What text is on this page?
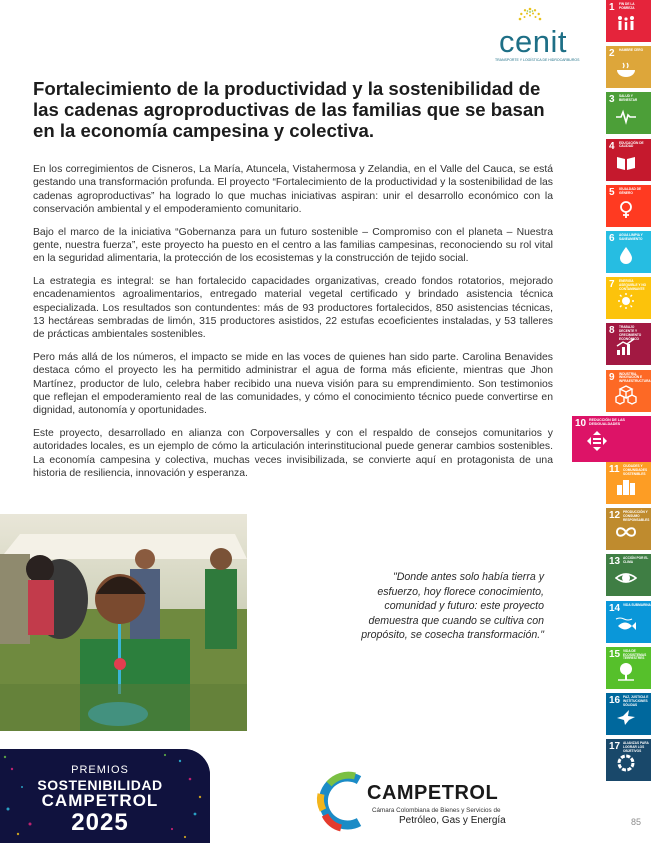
cenit
TRANSPORTE Y LOGÍSTICA DE HIDROCARBUROS
Fortalecimiento de la productividad y la sostenibilidad de las cadenas agroproductivas de las familias que se basan en la economía campesina y colectiva.

En los corregimientos de Cisneros, La María, Atuncela, Vistahermosa y Zelandia, en el Valle del Cauca, se está gestando una transformación profunda. El proyecto “Fortalecimiento de la productividad y la sostenibilidad de las cadenas agroproductivas” ha logrado lo que muchas iniciativas aspiran: unir el desarrollo económico con la conservación ambiental y el empoderamiento comunitario.

Bajo el marco de la iniciativa “Gobernanza para un futuro sostenible – Compromiso con el planeta – Nuestra gente, nuestra fuerza”, este proyecto ha puesto en el centro a las familias campesinas, reconociendo su rol vital en la seguridad alimentaria, la protección de los ecosistemas y la construcción de tejido social.

La estrategia es integral: se han fortalecido capacidades organizativas, creado fondos rotatorios, mejorado encadenamientos agroalimentarios, entregado material vegetal certificado y brindado asistencia técnica especializada. Los resultados son contundentes: más de 93 productores fortalecidos, 850 asistencias técnicas, 13 hectáreas sembradas de limón, 315 productores asistidos, 22 estufas ecoeficientes instaladas, y 53 talleres de prácticas ambientales sostenibles.

Pero más allá de los números, el impacto se mide en las voces de quienes han sido parte. Carolina Benavides destaca cómo el proyecto les ha permitido administrar el agua de forma más eficiente, mientras que Jhon Martínez, productor de lulo, celebra haber recibido una nueva visión para su emprendimiento. Son testimonios que reflejan el empoderamiento real de las comunidades, y cómo el conocimiento técnico puede convertirse en dignidad, autonomía y oportunidades.

Este proyecto, desarrollado en alianza con Corpoversalles y con el respaldo de consejos comunitarios y autoridades locales, es un ejemplo de cómo la articulación interinstitucional puede generar cambios sostenibles. La economía campesina y colectiva, muchas veces invisibilizada, se convierte aquí en protagonista de una historia de resiliencia, innovación y esperanza.

"Donde antes solo había tierra y esfuerzo, hoy florece conocimiento, comunidad y futuro: este proyecto demuestra que cuando se cultiva con propósito, se cosecha transformación."
PREMIOS
SOSTENIBILIDAD
CAMPETROL
2025
CAMPETROL
Cámara Colombiana de Bienes y Servicios de
Petróleo, Gas y Energía	85
1 FIN DE LA POBREZA
2 HAMBRE CERO
3 SALUD Y BIENESTAR
4 EDUCACIÓN DE CALIDAD
5 IGUALDAD DE GÉNERO
6 AGUA LIMPIA Y SANEAMIENTO
7 ENERGÍA ASEQUIBLE Y NO CONTAMINANTE
8 TRABAJO DECENTE Y CRECIMIENTO ECONÓMICO
9 INDUSTRIA, INNOVACIÓN E INFRAESTRUCTURA
10 REDUCCIÓN DE LAS DESIGUALDADES
11 CIUDADES Y COMUNIDADES SOSTENIBLES
12 PRODUCCIÓN Y CONSUMO RESPONSABLES
13 ACCIÓN POR EL CLIMA
14 VIDA SUBMARINA
15 VIDA DE ECOSISTEMAS TERRESTRES
16 PAZ, JUSTICIA E INSTITUCIONES SÓLIDAS
17 ALIANZAS PARA LOGRAR LOS OBJETIVOS
